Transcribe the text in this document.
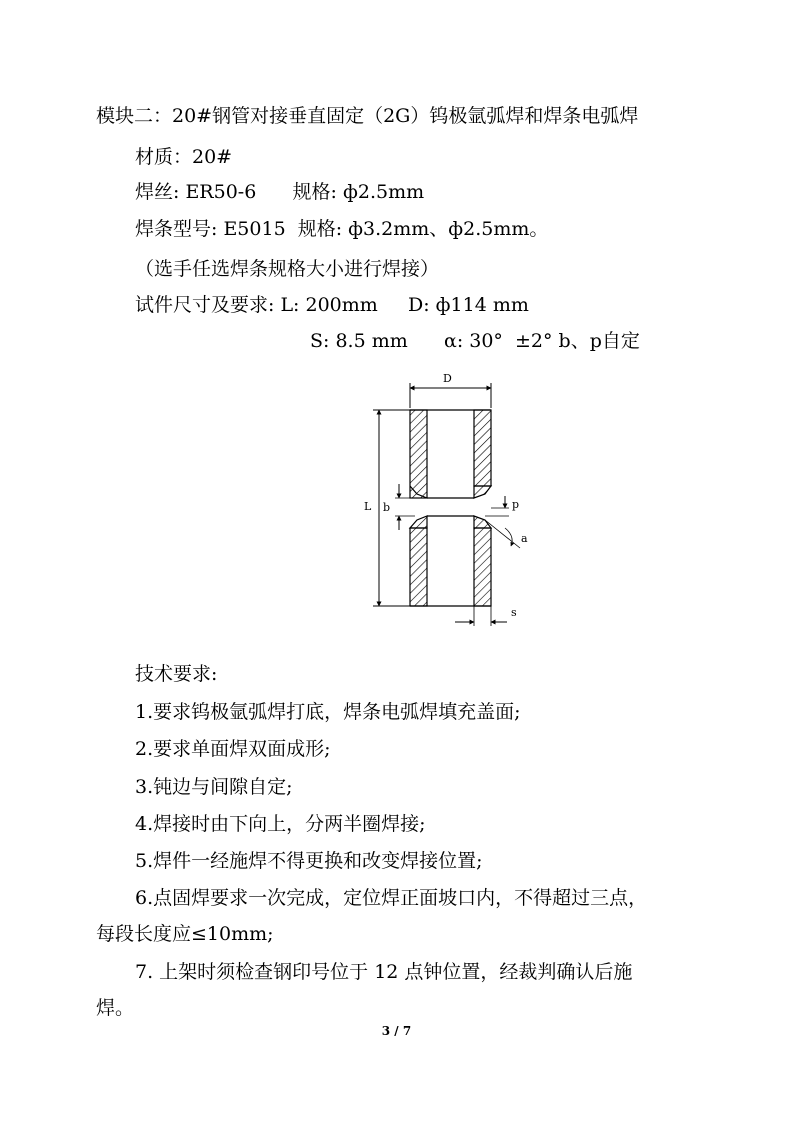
模块二：20#钢管对接垂直固定（2G）钨极氩弧焊和焊条电弧焊
材质：20#
焊丝: ER50-6      规格: ф2.5mm
焊条型号: E5015  规格: ф3.2mm、ф2.5mm。
（选手任选焊条规格大小进行焊接）
试件尺寸及要求: L: 200mm     D: ф114 mm
S: 8.5 mm      α: 30°  ±2° b、p自定
D
L b	p
a
s
技术要求:
1.要求钨极氩弧焊打底，焊条电弧焊填充盖面;
2.要求单面焊双面成形;
3.钝边与间隙自定;
4.焊接时由下向上，分两半圈焊接;
5.焊件一经施焊不得更换和改变焊接位置;
6.点固焊要求一次完成，定位焊正面坡口内，不得超过三点，
每段长度应≤10mm;
7. 上架时须检查钢印号位于 12 点钟位置，经裁判确认后施
焊。
3 / 7
